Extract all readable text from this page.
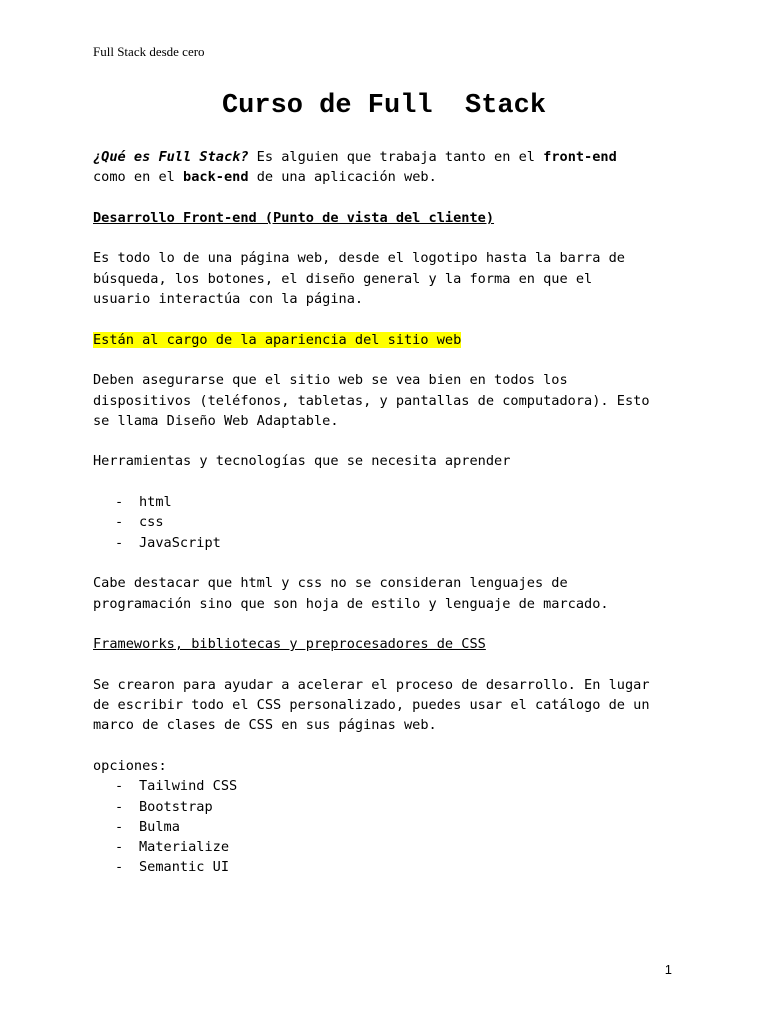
Full Stack desde cero
Curso de Full  Stack

¿Qué es Full Stack? Es alguien que trabaja tanto en el front-end
como en el back-end de una aplicación web.

Desarrollo Front-end (Punto de vista del cliente)

Es todo lo de una página web, desde el logotipo hasta la barra de
búsqueda, los botones, el diseño general y la forma en que el
usuario interactúa con la página.

Están al cargo de la apariencia del sitio web

Deben asegurarse que el sitio web se vea bien en todos los
dispositivos (teléfonos, tabletas, y pantallas de computadora). Esto
se llama Diseño Web Adaptable.

Herramientas y tecnologías que se necesita aprender

- html
- css
- JavaScript

Cabe destacar que html y css no se consideran lenguajes de
programación sino que son hoja de estilo y lenguaje de marcado.

Frameworks, bibliotecas y preprocesadores de CSS

Se crearon para ayudar a acelerar el proceso de desarrollo. En lugar
de escribir todo el CSS personalizado, puedes usar el catálogo de un
marco de clases de CSS en sus páginas web.

opciones:
- Tailwind CSS
- Bootstrap
- Bulma
- Materialize
- Semantic UI
1
